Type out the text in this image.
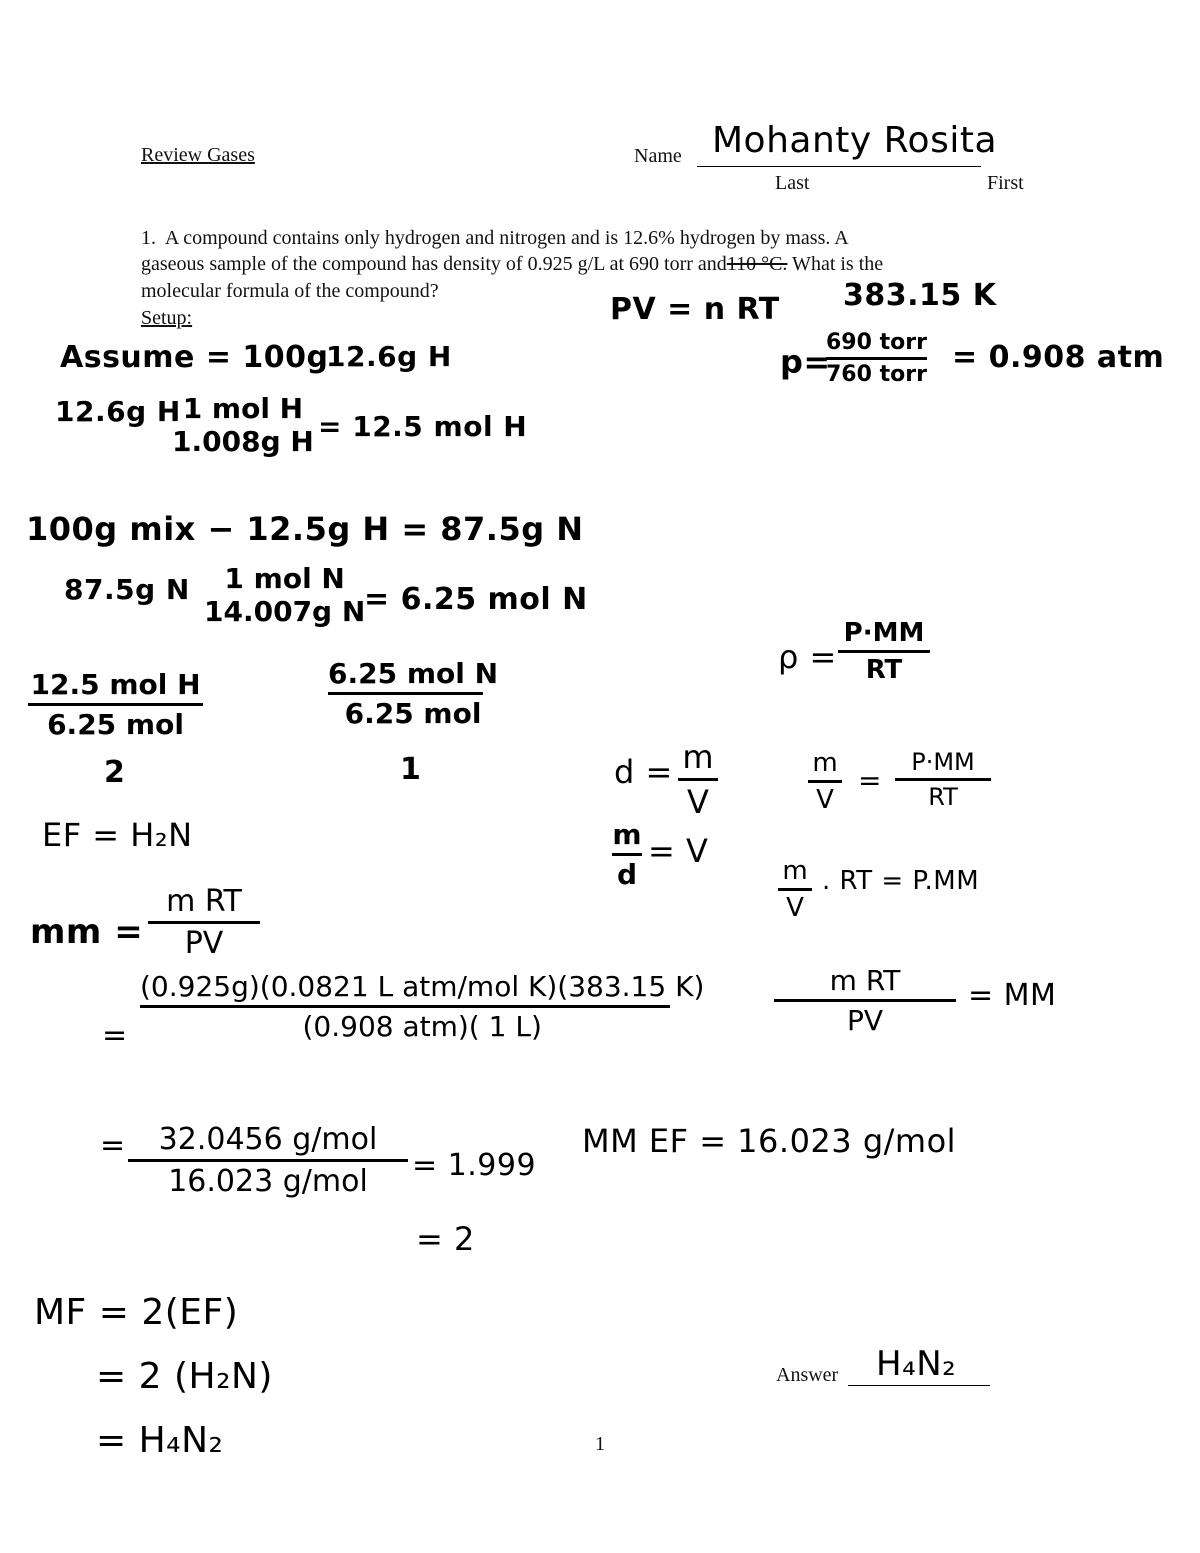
Review Gases	Name Mohanty Rosita
Last	First
1. A compound contains only hydrogen and nitrogen and is 12.6% hydrogen by mass. A
gaseous sample of the compound has density of 0.925 g/L at 690 torr and110 °C. What is the
molecular formula of the compound?
Setup:	PV = n RT 383.15 K
Assume = 100g
12.6g H	p=
690 torr
760 torr = 0.908 atm
12.6g H 1 mol H
1.008g H = 12.5 mol H
100g mix − 12.5g H = 87.5g N
87.5g N 1 mol N
14.007g N
= 6.25 mol N
ρ =
P·MM
RT
12.5 mol H
6.25 mol
2
6.25 mol N
6.25 mol
1	d = m
V
m
V
=
P·MM
RT
EF = H₂N	m
d
= V
m
V
. RT = P.MM
mm =
m RT
PV
m RT
PV
= MM
=
(0.925g)(0.0821 L atm/mol K)(383.15 K)
(0.908 atm)( 1 L)
= 32.0456 g/mol
16.023 g/mol = 1.999
= 2
MM EF = 16.023 g/mol
MF = 2(EF)
= 2 (H₂N)
= H₄N₂
Answer H₄N₂
1
